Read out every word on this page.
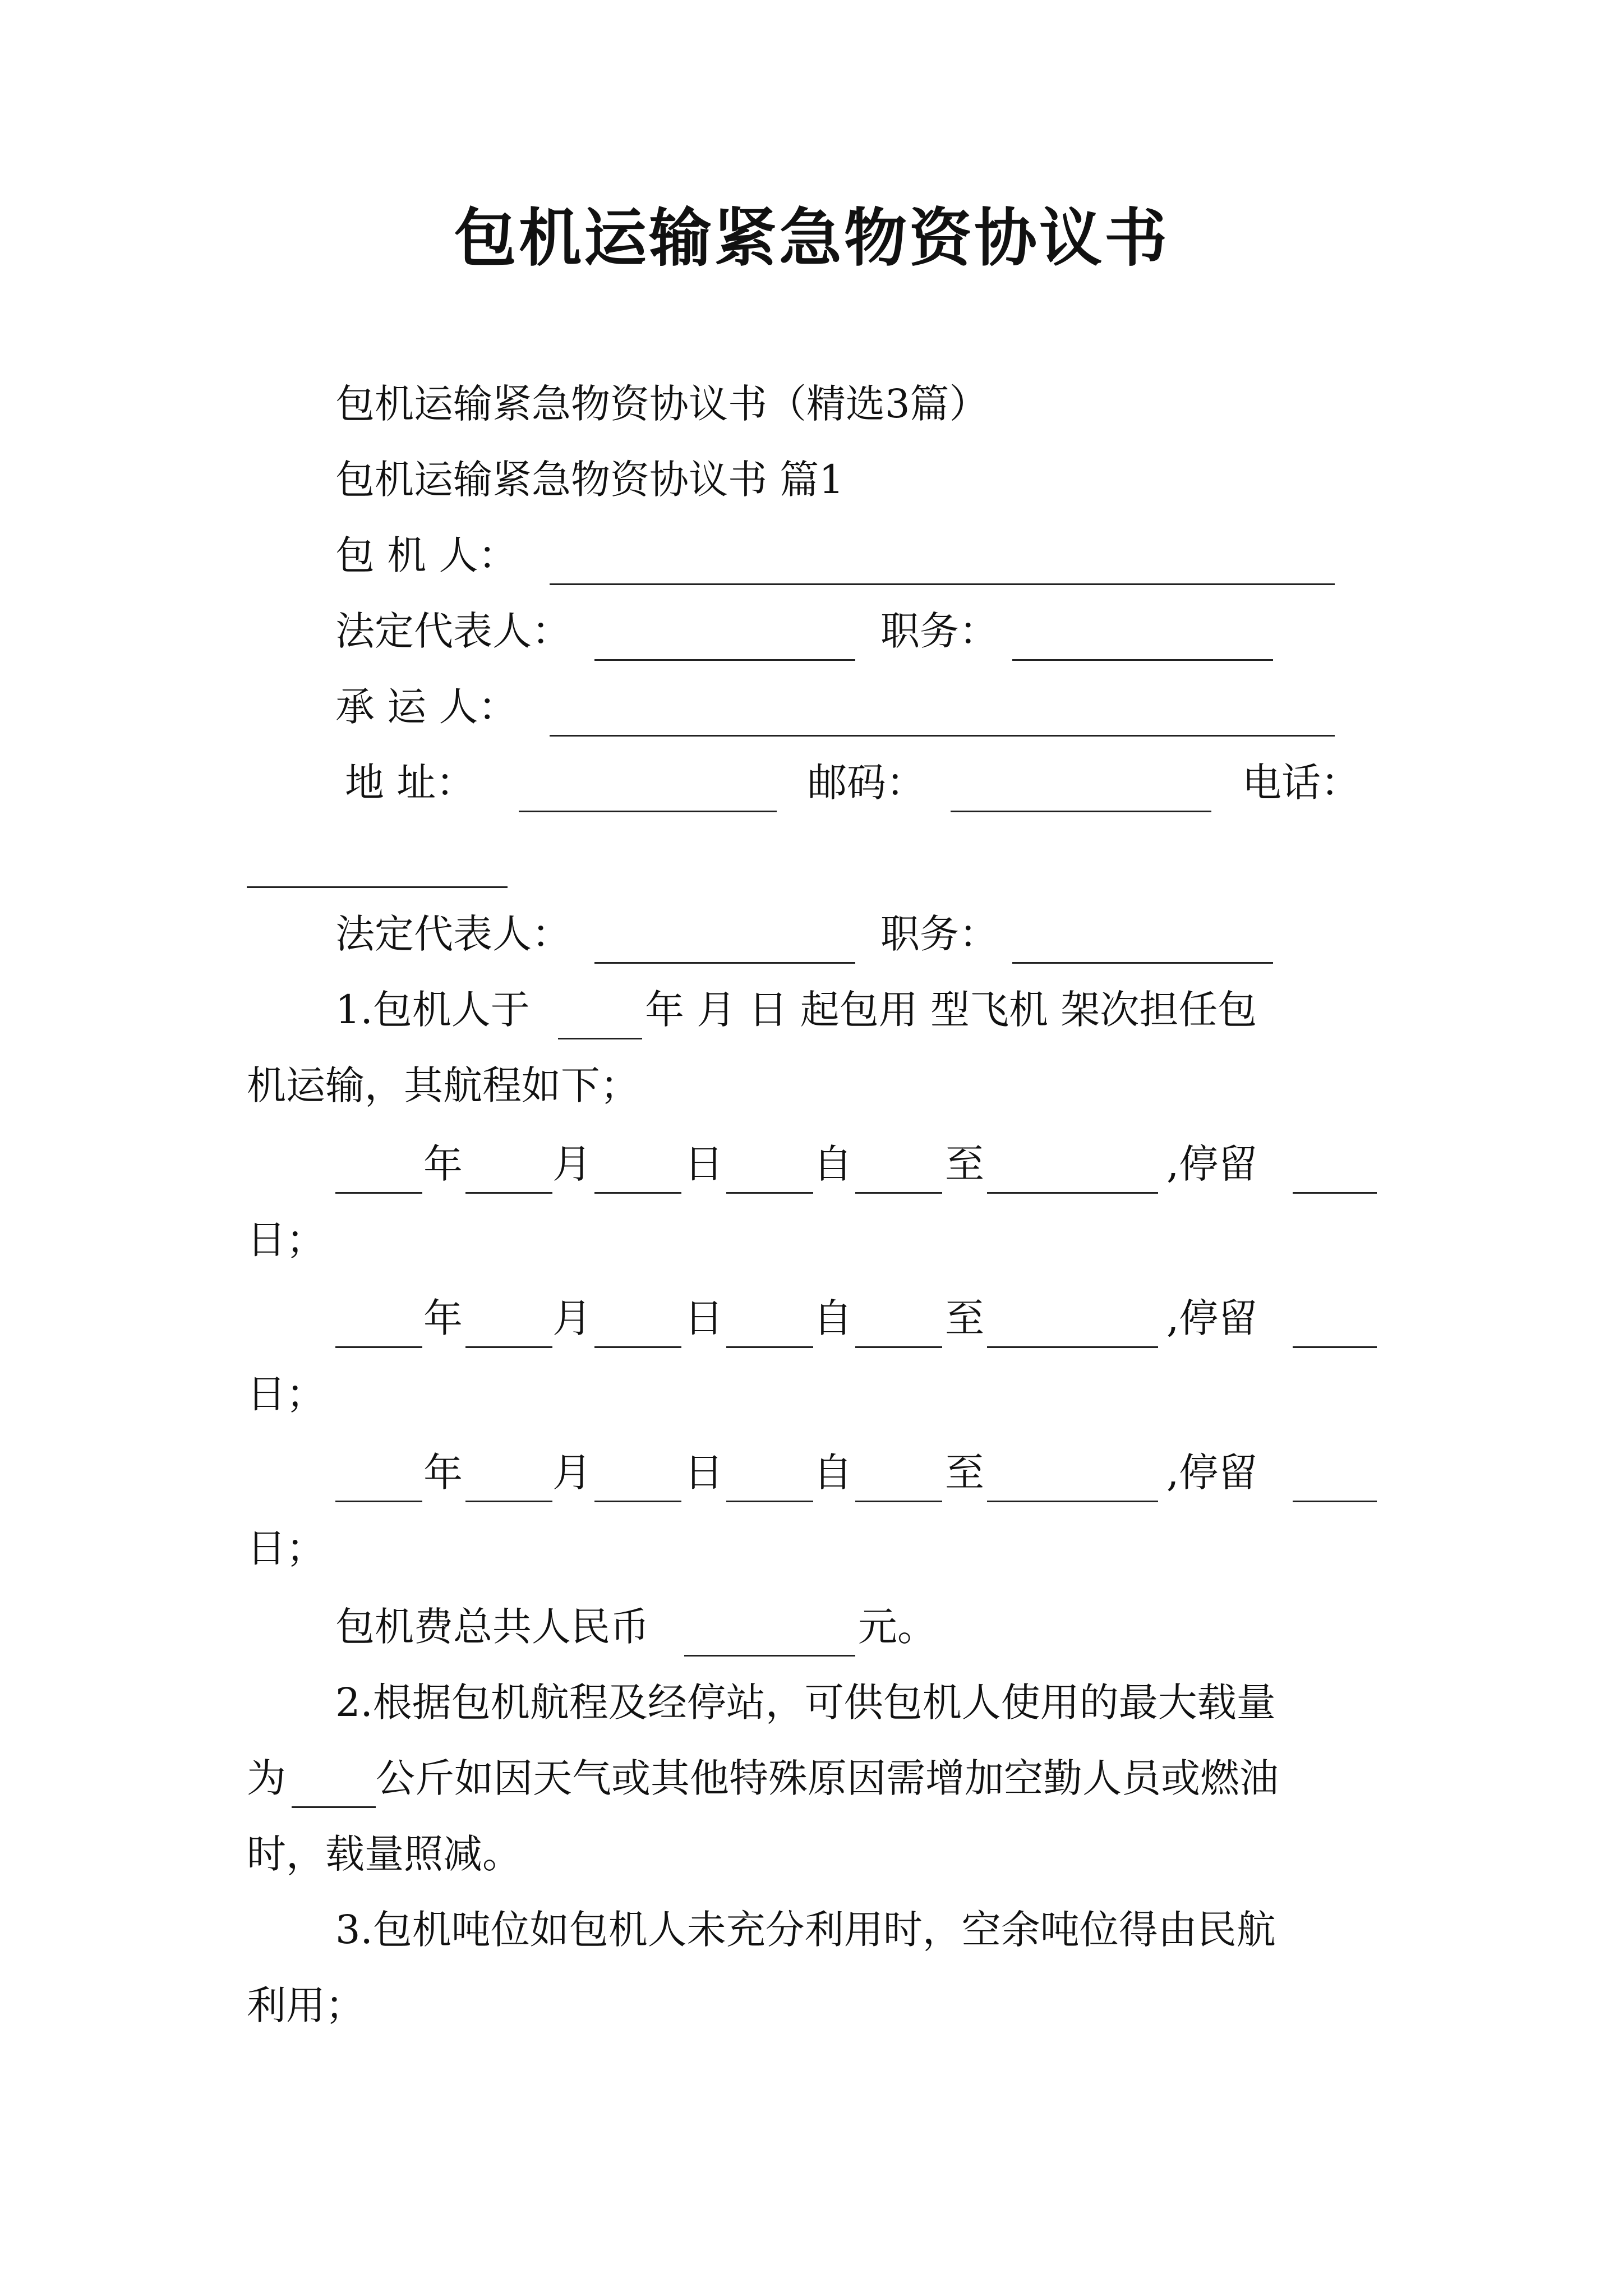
包机运输紧急物资协议书
包机运输紧急物资协议书（精选3篇）
包机运输紧急物资协议书 篇1
包 机 人：
法定代表人：	职务：
承 运 人：
地 址：	邮码：	电话：
法定代表人：	职务：
1.包机人于	年 月 日 起包用 型飞机 架次担任包
机运输，其航程如下；
年 月 日 自 至	,停留
日；
年 月 日 自 至	,停留
日；
年 月 日 自 至	,停留
日；
包机费总共人民币	元。
2.根据包机航程及经停站，可供包机人使用的最大载量
为 公斤如因天气或其他特殊原因需增加空勤人员或燃油
时，载量照减。
3.包机吨位如包机人未充分利用时，空余吨位得由民航
利用；
